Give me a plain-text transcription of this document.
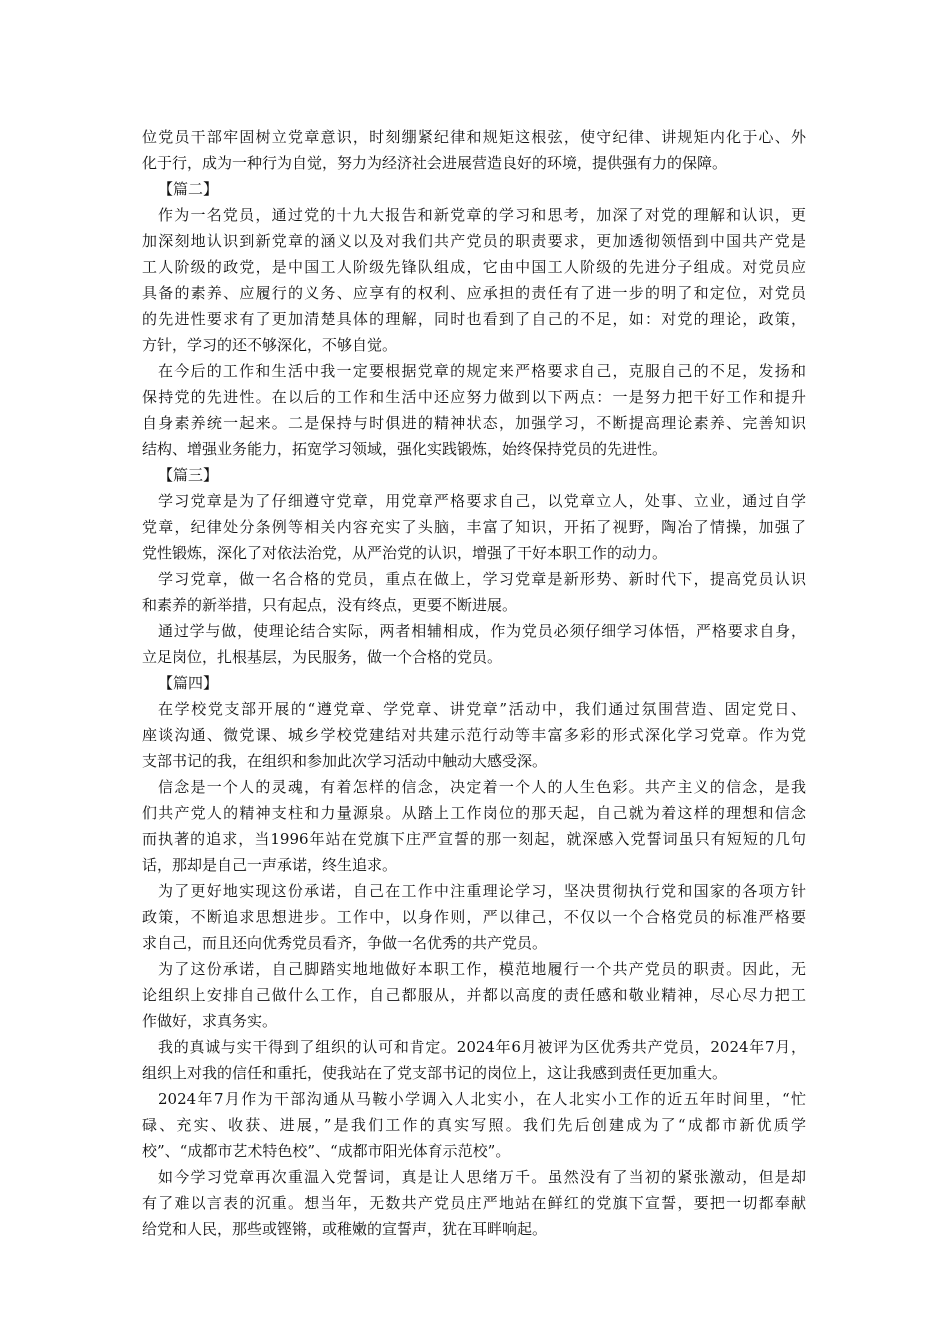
位党员干部牢固树立党章意识，时刻绷紧纪律和规矩这根弦，使守纪律、讲规矩内化于心、外
化于行，成为一种行为自觉，努力为经济社会进展营造良好的环境，提供强有力的保障。
【篇二】
作为一名党员，通过党的十九大报告和新党章的学习和思考，加深了对党的理解和认识，更
加深刻地认识到新党章的涵义以及对我们共产党员的职责要求，更加透彻领悟到中国共产党是
工人阶级的政党，是中国工人阶级先锋队组成，它由中国工人阶级的先进分子组成。对党员应
具备的素养、应履行的义务、应享有的权利、应承担的责任有了进一步的明了和定位，对党员
的先进性要求有了更加清楚具体的理解，同时也看到了自己的不足，如：对党的理论，政策，
方针，学习的还不够深化，不够自觉。
在今后的工作和生活中我一定要根据党章的规定来严格要求自己，克服自己的不足，发扬和
保持党的先进性。在以后的工作和生活中还应努力做到以下两点：一是努力把干好工作和提升
自身素养统一起来。二是保持与时俱进的精神状态，加强学习，不断提高理论素养、完善知识
结构、增强业务能力，拓宽学习领域，强化实践锻炼，始终保持党员的先进性。
【篇三】
学习党章是为了仔细遵守党章，用党章严格要求自己，以党章立人，处事、立业，通过自学
党章，纪律处分条例等相关内容充实了头脑，丰富了知识，开拓了视野，陶冶了情操，加强了
党性锻炼，深化了对依法治党，从严治党的认识，增强了干好本职工作的动力。
学习党章，做一名合格的党员，重点在做上，学习党章是新形势、新时代下，提高党员认识
和素养的新举措，只有起点，没有终点，更要不断进展。
通过学与做，使理论结合实际，两者相辅相成，作为党员必须仔细学习体悟，严格要求自身，
立足岗位，扎根基层，为民服务，做一个合格的党员。
【篇四】
在学校党支部开展的“遵党章、学党章、讲党章”活动中，我们通过氛围营造、固定党日、
座谈沟通、微党课、城乡学校党建结对共建示范行动等丰富多彩的形式深化学习党章。作为党
支部书记的我，在组织和参加此次学习活动中触动大感受深。
信念是一个人的灵魂，有着怎样的信念，决定着一个人的人生色彩。共产主义的信念，是我
们共产党人的精神支柱和力量源泉。从踏上工作岗位的那天起，自己就为着这样的理想和信念
而执著的追求，当1996年站在党旗下庄严宣誓的那一刻起，就深感入党誓词虽只有短短的几句
话，那却是自己一声承诺，终生追求。
为了更好地实现这份承诺，自己在工作中注重理论学习，坚决贯彻执行党和国家的各项方针
政策，不断追求思想进步。工作中，以身作则，严以律己，不仅以一个合格党员的标准严格要
求自己，而且还向优秀党员看齐，争做一名优秀的共产党员。
为了这份承诺，自己脚踏实地地做好本职工作，模范地履行一个共产党员的职责。因此，无
论组织上安排自己做什么工作，自己都服从，并都以高度的责任感和敬业精神，尽心尽力把工
作做好，求真务实。
我的真诚与实干得到了组织的认可和肯定。2024年6月被评为区优秀共产党员，2024年7月，
组织上对我的信任和重托，使我站在了党支部书记的岗位上，这让我感到责任更加重大。
2024年7月作为干部沟通从马鞍小学调入人北实小，在人北实小工作的近五年时间里，“忙
碌、充实、收获、进展，”是我们工作的真实写照。我们先后创建成为了“成都市新优质学
校”、“成都市艺术特色校”、“成都市阳光体育示范校”。
如今学习党章再次重温入党誓词，真是让人思绪万千。虽然没有了当初的紧张激动，但是却
有了难以言表的沉重。想当年，无数共产党员庄严地站在鲜红的党旗下宣誓，要把一切都奉献
给党和人民，那些或铿锵，或稚嫩的宣誓声，犹在耳畔响起。
